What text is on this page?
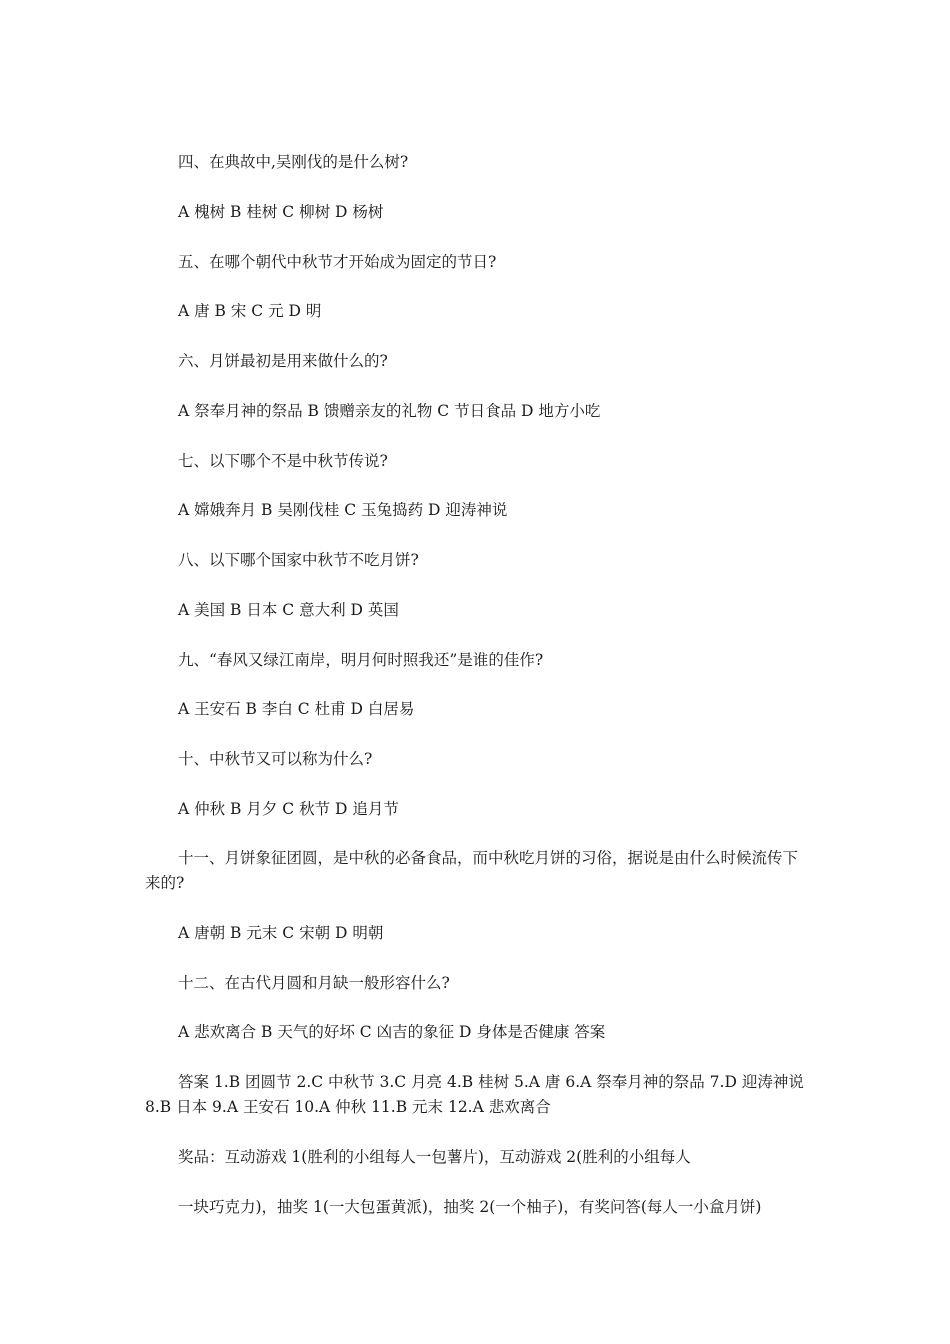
四、在典故中,吴刚伐的是什么树?

A 槐树 B 桂树 C 柳树 D 杨树

五、在哪个朝代中秋节才开始成为固定的节日?

A 唐 B 宋 C 元 D 明

六、月饼最初是用来做什么的?

A 祭奉月神的祭品 B 馈赠亲友的礼物 C 节日食品 D 地方小吃

七、以下哪个不是中秋节传说?

A 嫦娥奔月 B 吴刚伐桂 C 玉兔捣药 D 迎涛神说

八、以下哪个国家中秋节不吃月饼?

A 美国 B 日本 C 意大利 D 英国

九、“春风又绿江南岸，明月何时照我还”是谁的佳作?

A 王安石 B 李白 C 杜甫 D 白居易

十、中秋节又可以称为什么?

A 仲秋 B 月夕 C 秋节 D 追月节

十一、月饼象征团圆，是中秋的必备食品，而中秋吃月饼的习俗，据说是由什么时候流传下来的?

A 唐朝 B 元末 C 宋朝 D 明朝

十二、在古代月圆和月缺一般形容什么?

A 悲欢离合 B 天气的好坏 C 凶吉的象征 D 身体是否健康 答案

答案 1.B 团圆节 2.C 中秋节 3.C 月亮 4.B 桂树 5.A 唐 6.A 祭奉月神的祭品 7.D 迎涛神说 8.B 日本 9.A 王安石 10.A 仲秋 11.B 元末 12.A 悲欢离合

奖品：互动游戏 1(胜利的小组每人一包薯片)，互动游戏 2(胜利的小组每人

一块巧克力)，抽奖 1(一大包蛋黄派)，抽奖 2(一个柚子)，有奖问答(每人一小盒月饼)
